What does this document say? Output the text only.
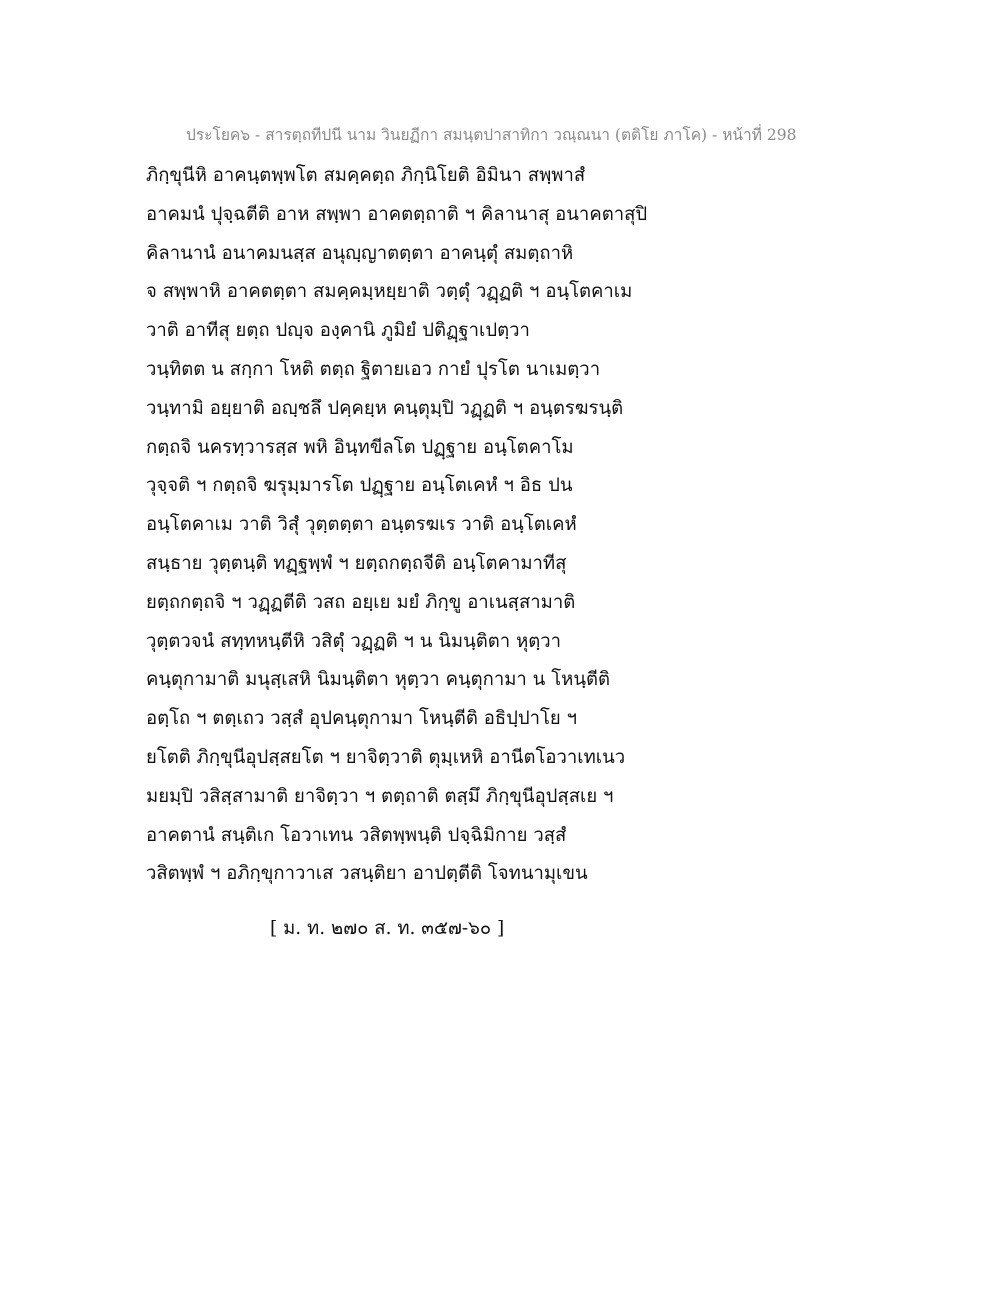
ประโยค๖ - สารตฺถทีปนี นาม วินยฏีกา สมนฺตปาสาทิกา วณฺณนา (ตติโย ภาโค) - หน้าที่ 298
ภิกฺขุนีหิ อาคนฺตพฺพโต สมคฺคตฺถ ภิกฺนิโยติ อิมินา สพฺพาสํ
อาคมนํ ปุจฺฉตีติ อาห สพฺพา อาคตตฺถาติ ฯ คิลานาสุ อนาคตาสุปิ
คิลานานํ อนาคมนสฺส อนุญฺญาตตฺตา อาคนฺตุํ สมตฺถาหิ
จ สพฺพาหิ อาคตตฺตา สมคฺคมฺหยฺยาติ วตฺตุํ วฏฺฏติ ฯ อนฺโตคาเม
วาติ อาทีสุ ยตฺถ ปญฺจ องฺคานิ ภูมิยํ ปติฏฺฐาเปตฺวา
วนฺทิตต น สกฺกา โหติ ตตฺถ ฐิตายเอว กายํ ปุรโต นาเมตฺวา
วนฺทามิ อยฺยาติ อญฺชลึ ปคฺคยฺห คนฺตุมฺปิ วฏฺฏติ ฯ อนฺตรฆรนฺติ
กตฺถจิ นครทฺวารสฺส พหิ อินฺทขีลโต ปฏฺฐาย อนฺโตคาโม
วุจฺจติ ฯ กตฺถจิ ฆรุมฺมารโต ปฏฺฐาย อนฺโตเคหํ ฯ อิธ ปน
อนฺโตคาเม วาติ วิสุํ วุตฺตตฺตา อนฺตรฆเร วาติ อนฺโตเคหํ
สนฺธาย วุตฺตนฺติ ทฏฺฐพฺพํ ฯ ยตฺถกตฺถจีติ อนฺโตคามาทีสุ
ยตฺถกตฺถจิ ฯ วฏฺฏตีติ วสถ อยฺเย มยํ ภิกฺขู อาเนสฺสามาติ
วุตฺตวจนํ สทฺทหนฺตีหิ วสิตุํ วฏฺฏติ ฯ น นิมนฺติตา หุตฺวา
คนฺตุกามาติ มนุสฺเสหิ นิมนฺติตา หุตฺวา คนฺตุกามา น โหนฺตีติ
อตฺโถ ฯ ตตฺเถว วสฺสํ อุปคนฺตุกามา โหนฺตีติ อธิปฺปาโย ฯ
ยโตติ ภิกฺขุนีอุปสฺสยโต ฯ ยาจิตฺวาติ ตุมฺเหหิ อานีตโอวาเทเนว
มยมฺปิ วสิสฺสามาติ ยาจิตฺวา ฯ ตตฺถาติ ตสฺมึ ภิกฺขุนีอุปสฺสเย ฯ
อาคตานํ สนฺติเก โอวาเทน วสิตพฺพนฺติ ปจฺฉิมิกาย วสฺสํ
วสิตพฺพํ ฯ อภิกฺขุกาวาเส วสนฺติยา อาปตฺตีติ โจทนามุเขน
[ ม. ท. ๒๗๐ ส. ท. ๓๕๗-๖๐ ]
